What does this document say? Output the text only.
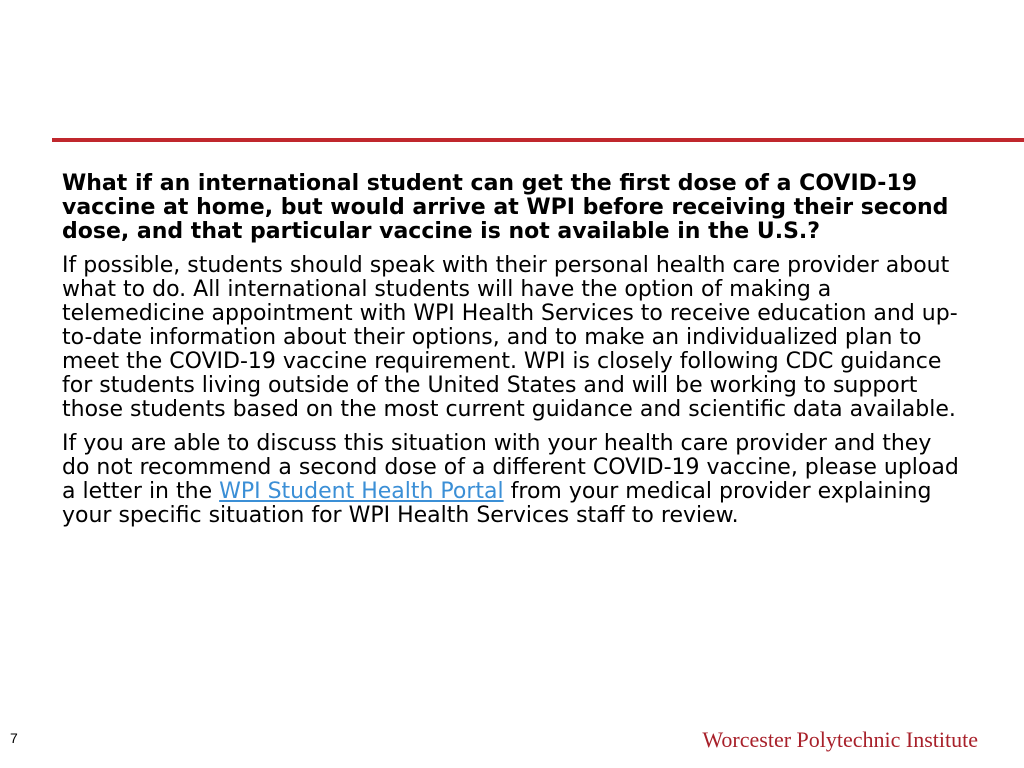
What if an international student can get the first dose of a COVID-19 vaccine at home, but would arrive at WPI before receiving their second dose, and that particular vaccine is not available in the U.S.?

If possible, students should speak with their personal health care provider about what to do. All international students will have the option of making a telemedicine appointment with WPI Health Services to receive education and up-to-date information about their options, and to make an individualized plan to meet the COVID-19 vaccine requirement. WPI is closely following CDC guidance for students living outside of the United States and will be working to support those students based on the most current guidance and scientific data available.

If you are able to discuss this situation with your health care provider and they do not recommend a second dose of a different COVID-19 vaccine, please upload a letter in the WPI Student Health Portal from your medical provider explaining your specific situation for WPI Health Services staff to review.

7	Worcester Polytechnic Institute
